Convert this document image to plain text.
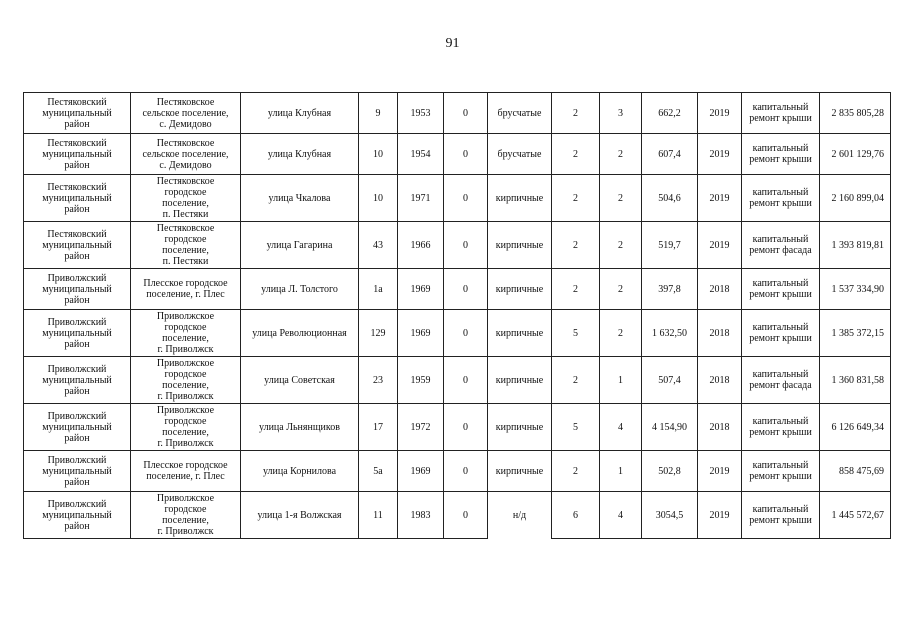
91
Пестяковский
муниципальный
район	Пестяковское
сельское поселение,
с. Демидово	улица Клубная	9	1953	0	брусчатые	2	3	662,2	2019	капитальный
ремонт крыши	2 835 805,28
Пестяковский
муниципальный
район	Пестяковское
сельское поселение,
с. Демидово	улица Клубная	10	1954	0	брусчатые	2	2	607,4	2019	капитальный
ремонт крыши	2 601 129,76
Пестяковский
муниципальный
район	Пестяковское
городское
поселение,
п. Пестяки	улица Чкалова	10	1971	0	кирпичные	2	2	504,6	2019	капитальный
ремонт крыши	2 160 899,04
Пестяковский
муниципальный
район	Пестяковское
городское
поселение,
п. Пестяки	улица Гагарина	43	1966	0	кирпичные	2	2	519,7	2019	капитальный
ремонт фасада	1 393 819,81
Приволжский
муниципальный
район	Плесское городское
поселение, г. Плес	улица Л. Толстого	1а	1969	0	кирпичные	2	2	397,8	2018	капитальный
ремонт крыши	1 537 334,90
Приволжский
муниципальный
район	Приволжское
городское
поселение,
г. Приволжск	улица Революционная	129	1969	0	кирпичные	5	2	1 632,50	2018	капитальный
ремонт крыши	1 385 372,15
Приволжский
муниципальный
район	Приволжское
городское
поселение,
г. Приволжск	улица Советская	23	1959	0	кирпичные	2	1	507,4	2018	капитальный
ремонт фасада	1 360 831,58
Приволжский
муниципальный
район	Приволжское
городское
поселение,
г. Приволжск	улица Льнянщиков	17	1972	0	кирпичные	5	4	4 154,90	2018	капитальный
ремонт крыши	6 126 649,34
Приволжский
муниципальный
район	Плесское городское
поселение, г. Плес	улица Корнилова	5а	1969	0	кирпичные	2	1	502,8	2019	капитальный
ремонт крыши	858 475,69
Приволжский
муниципальный
район	Приволжское
городское
поселение,
г. Приволжск	улица 1-я Волжская	11	1983	0	н/д	6	4	3054,5	2019	капитальный
ремонт крыши	1 445 572,67
